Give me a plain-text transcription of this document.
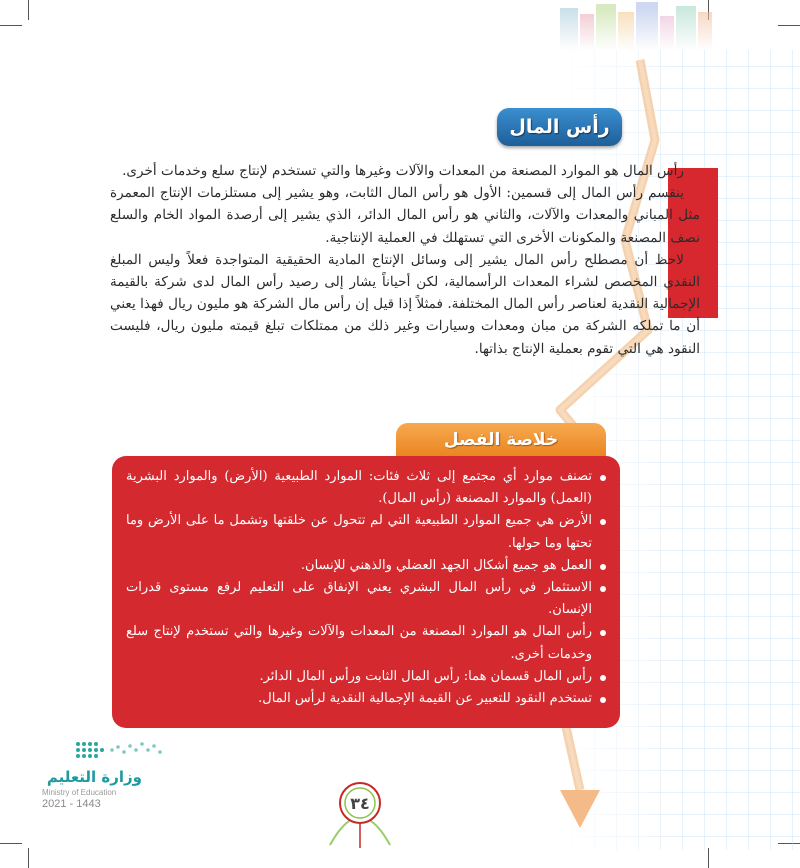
رأس المال

رأس المال هو الموارد المصنعة من المعدات والآلات وغيرها والتي تستخدم لإنتاج سلع وخدمات أخرى.

ينقسم رأس المال إلى قسمين: الأول هو رأس المال الثابت، وهو يشير إلى مستلزمات الإنتاج المعمرة مثل المباني والمعدات والآلات، والثاني هو رأس المال الدائر، الذي يشير إلى أرصدة المواد الخام والسلع نصف المصنعة والمكونات الأخرى التي تستهلك في العملية الإنتاجية.

لاحظ أن مصطلح رأس المال يشير إلى وسائل الإنتاج المادية الحقيقية المتواجدة فعلاً وليس المبلغ النقدي المخصص لشراء المعدات الرأسمالية، لكن أحياناً يشار إلى رصيد رأس المال لدى شركة بالقيمة الإجمالية النقدية لعناصر رأس المال المختلفة. فمثلاً إذا قيل إن رأس مال الشركة هو مليون ريال فهذا يعني أن ما تملكه الشركة من مبان ومعدات وسيارات وغير ذلك من ممتلكات تبلغ قيمته مليون ريال، فليست النقود هي التي تقوم بعملية الإنتاج بذاتها.

خلاصة الفصل
تصنف موارد أي مجتمع إلى ثلاث فئات: الموارد الطبيعية (الأرض) والموارد البشرية (العمل) والموارد المصنعة (رأس المال).
الأرض هي جميع الموارد الطبيعية التي لم تتحول عن خلقتها وتشمل ما على الأرض وما تحتها وما حولها.
العمل هو جميع أشكال الجهد العضلي والذهني للإنسان.
الاستثمار في رأس المال البشري يعني الإنفاق على التعليم لرفع مستوى قدرات الإنسان.
رأس المال هو الموارد المصنعة من المعدات والآلات وغيرها والتي تستخدم لإنتاج سلع وخدمات أخرى.
رأس المال قسمان هما: رأس المال الثابت ورأس المال الدائر.
تستخدم النقود للتعبير عن القيمة الإجمالية النقدية لرأس المال.
وزارة التعليم
Ministry of Education
2021 - 1443	٣٤
